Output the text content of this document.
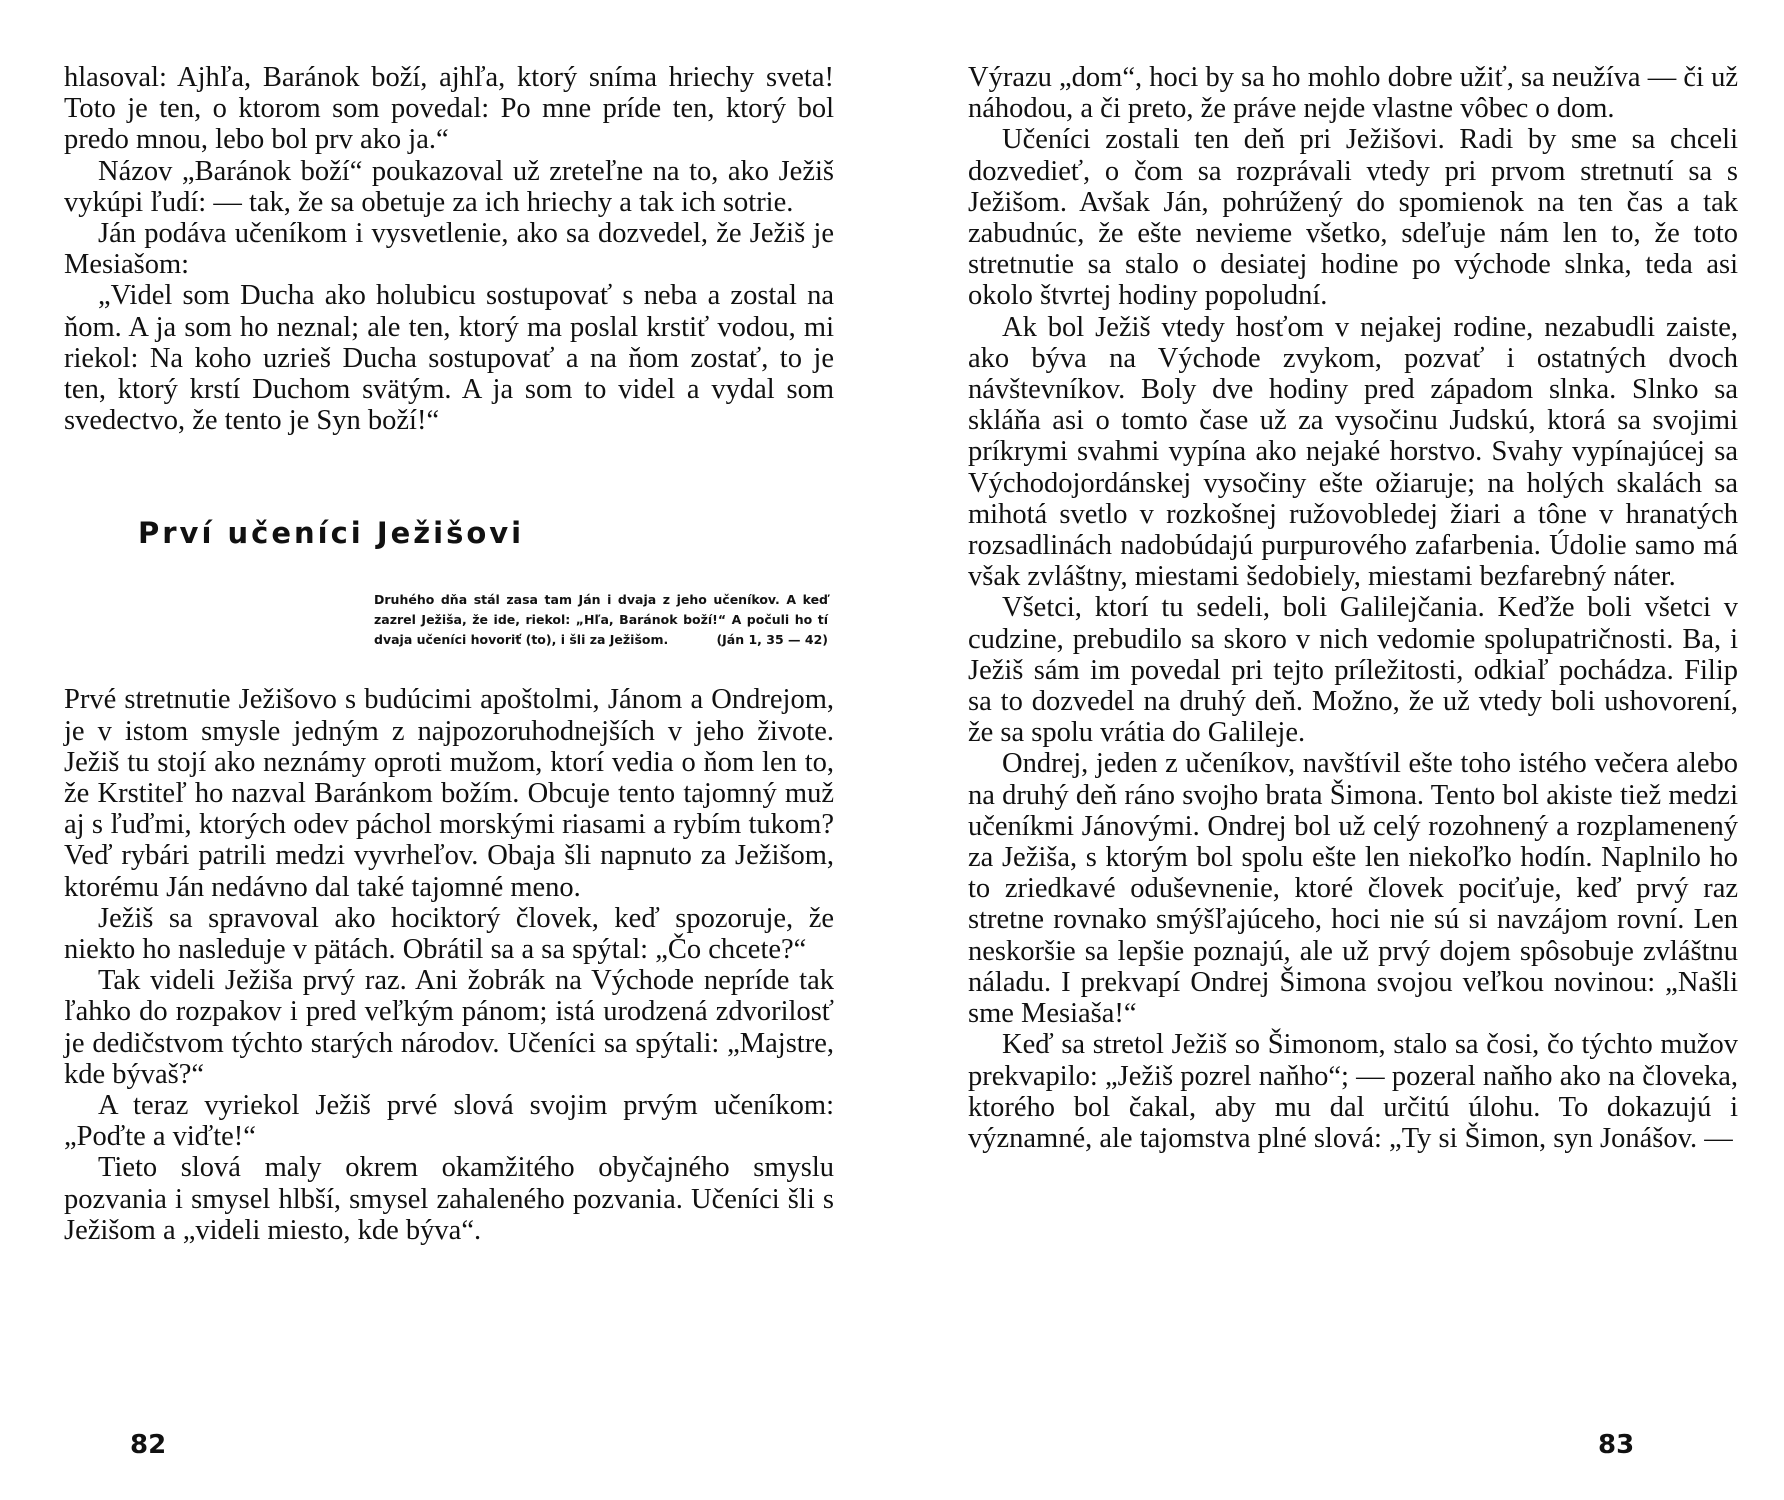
hlasoval: Ajhľa, Baránok boží, ajhľa, ktorý sníma hriechy sveta! Toto je ten, o ktorom som povedal: Po mne príde ten, ktorý bol predo mnou, lebo bol prv ako ja.“

Názov „Baránok boží“ poukazoval už zreteľne na to, ako Ježiš vykúpi ľudí: — tak, že sa obetuje za ich hriechy a tak ich sotrie.

Ján podáva učeníkom i vysvetlenie, ako sa dozvedel, že Ježiš je Mesiašom:

„Videl som Ducha ako holubicu sostupovať s neba a zostal na ňom. A ja som ho neznal; ale ten, ktorý ma poslal krstiť vodou, mi riekol: Na koho uzrieš Ducha sostupovať a na ňom zostať, to je ten, ktorý krstí Duchom svätým. A ja som to videl a vydal som svedectvo, že tento je Syn boží!“

Prví učeníci Ježišovi
Druhého dňa stál zasa tam Ján i dvaja z jeho učeníkov. A keď zazrel Ježiša, že ide, riekol: „Hľa, Baránok boží!“ A počuli ho tí dvaja učeníci hovoriť (to), i šli za Ježišom.	(Ján 1, 35 — 42)

Prvé stretnutie Ježišovo s budúcimi apoštolmi, Jánom a Ondrejom, je v istom smysle jedným z najpozoruhodnejších v jeho živote. Ježiš tu stojí ako neznámy oproti mužom, ktorí vedia o ňom len to, že Krstiteľ ho nazval Baránkom božím. Obcuje tento tajomný muž aj s ľuďmi, ktorých odev páchol morskými riasami a rybím tukom? Veď rybári patrili medzi vyvrheľov. Obaja šli napnuto za Ježišom, ktorému Ján nedávno dal také tajomné meno.

Ježiš sa spravoval ako hociktorý človek, keď spozoruje, že niekto ho nasleduje v pätách. Obrátil sa a sa spýtal: „Čo chcete?“

Tak videli Ježiša prvý raz. Ani žobrák na Východe nepríde tak ľahko do rozpakov i pred veľkým pánom; istá urodzená zdvorilosť je dedičstvom týchto starých národov. Učeníci sa spýtali: „Majstre, kde bývaš?“

A teraz vyriekol Ježiš prvé slová svojim prvým učeníkom: „Poďte a viďte!“

Tieto slová maly okrem okamžitého obyčajného smyslu pozvania i smysel hlbší, smysel zahaleného pozvania. Učeníci šli s Ježišom a „videli miesto, kde býva“.

Výrazu „dom“, hoci by sa ho mohlo dobre užiť, sa neužíva — či už náhodou, a či preto, že práve nejde vlastne vôbec o dom.

Učeníci zostali ten deň pri Ježišovi. Radi by sme sa chceli dozvedieť, o čom sa rozprávali vtedy pri prvom stretnutí sa s Ježišom. Avšak Ján, pohrúžený do spomienok na ten čas a tak zabudnúc, že ešte nevieme všetko, sdeľuje nám len to, že toto stretnutie sa stalo o desiatej hodine po východe slnka, teda asi okolo štvrtej hodiny popoludní.

Ak bol Ježiš vtedy hosťom v nejakej rodine, nezabudli zaiste, ako býva na Východe zvykom, pozvať i ostatných dvoch návštevníkov. Boly dve hodiny pred západom slnka. Slnko sa skláňa asi o tomto čase už za vysočinu Judskú, ktorá sa svojimi príkrymi svahmi vypína ako nejaké horstvo. Svahy vypínajúcej sa Východojordánskej vysočiny ešte ožiaruje; na holých skalách sa mihotá svetlo v rozkošnej ružovobledej žiari a tône v hranatých rozsadlinách nadobúdajú purpurového zafarbenia. Údolie samo má však zvláštny, miestami šedobiely, miestami bezfarebný náter.

Všetci, ktorí tu sedeli, boli Galilejčania. Keďže boli všetci v cudzine, prebudilo sa skoro v nich vedomie spolupatričnosti. Ba, i Ježiš sám im povedal pri tejto príležitosti, odkiaľ pochádza. Filip sa to dozvedel na druhý deň. Možno, že už vtedy boli ushovorení, že sa spolu vrátia do Galileje.

Ondrej, jeden z učeníkov, navštívil ešte toho istého večera alebo na druhý deň ráno svojho brata Šimona. Tento bol akiste tiež medzi učeníkmi Jánovými. Ondrej bol už celý rozohnený a rozplamenený za Ježiša, s ktorým bol spolu ešte len niekoľko hodín. Naplnilo ho to zriedkavé oduševnenie, ktoré človek pociťuje, keď prvý raz stretne rovnako smýšľajúceho, hoci nie sú si navzájom rovní. Len neskoršie sa lepšie poznajú, ale už prvý dojem spôsobuje zvláštnu náladu. I prekvapí Ondrej Šimona svojou veľkou novinou: „Našli sme Mesiaša!“

Keď sa stretol Ježiš so Šimonom, stalo sa čosi, čo týchto mužov prekvapilo: „Ježiš pozrel naňho“; — pozeral naňho ako na človeka, ktorého bol čakal, aby mu dal určitú úlohu. To dokazujú i významné, ale tajomstva plné slová: „Ty si Šimon, syn Jonášov. —

82	83
